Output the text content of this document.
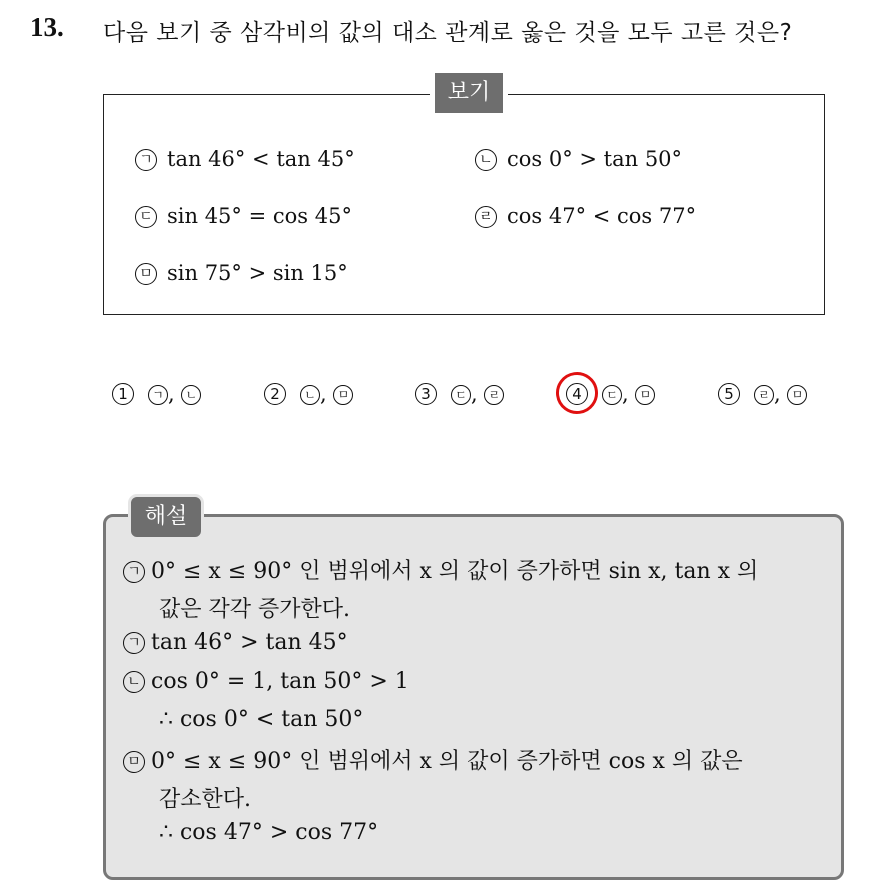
13. 다음 보기 중 삼각비의 값의 대소 관계로 옳은 것을 모두 고른 것은?
보기
ㄱ tan 46° < tan 45°	ㄴ cos 0° > tan 50°
ㄷ sin 45° = cos 45°	ㄹ cos 47° < cos 77°
ㅁ sin 75° > sin 15°
1 ㄱ , ㄴ	2 ㄴ , ㅁ	3 ㄷ , ㄹ	4 ㄷ , ㅁ	5 ㄹ , ㅁ
해설
ㄱ 0° ≤ x ≤ 90° 인 범위에서 x 의 값이 증가하면 sin x, tan x 의
값은 각각 증가한다.
ㄱ tan 46° > tan 45°
ㄴ cos 0° = 1, tan 50° > 1
∴ cos 0° < tan 50°
ㅁ 0° ≤ x ≤ 90° 인 범위에서 x 의 값이 증가하면 cos x 의 값은
감소한다.
∴ cos 47° > cos 77°
